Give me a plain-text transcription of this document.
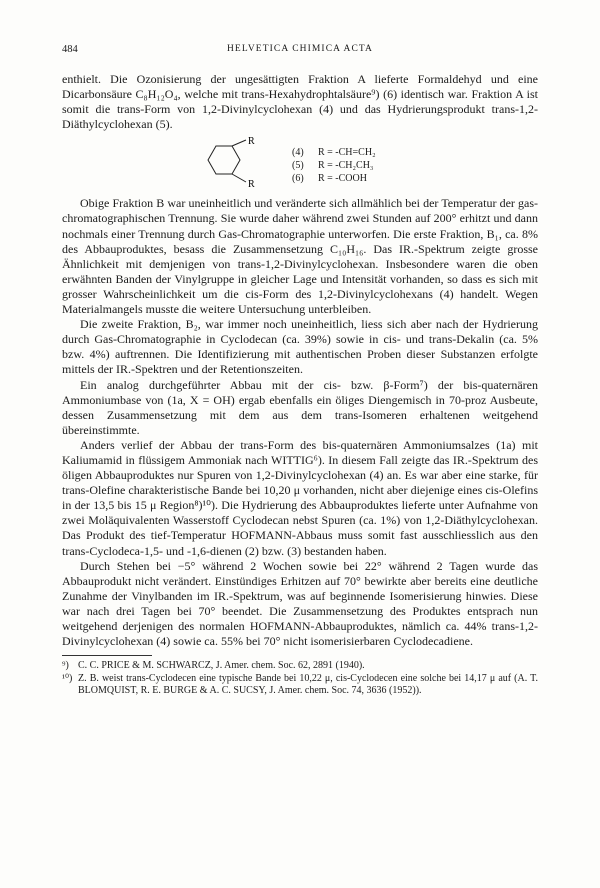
484	HELVETICA CHIMICA ACTA

enthielt. Die Ozonisierung der ungesättigten Fraktion A lieferte Formaldehyd und eine Dicarbonsäure C₈H₁₂O₄, welche mit trans-Hexahydrophtalsäure⁹) (6) identisch war. Fraktion A ist somit die trans-Form von 1,2-Divinylcyclohexan (4) und das Hydrierungsprodukt trans-1,2-Diäthylcyclohexan (5).

R
R
(4)	R = -CH=CH₂
(5)	R = -CH₂CH₃
(6)	R = -COOH

Obige Fraktion B war uneinheitlich und veränderte sich allmählich bei der Temperatur der gas-chromatographischen Trennung. Sie wurde daher während zwei Stunden auf 200° erhitzt und dann nochmals einer Trennung durch Gas-Chromatographie unterworfen. Die erste Fraktion, B₁, ca. 8% des Abbauproduktes, besass die Zusammensetzung C₁₀H₁₆. Das IR.-Spektrum zeigte grosse Ähnlichkeit mit demjenigen von trans-1,2-Divinylcyclohexan. Insbesondere waren die oben erwähnten Banden der Vinylgruppe in gleicher Lage und Intensität vorhanden, so dass es sich mit grosser Wahrscheinlichkeit um die cis-Form des 1,2-Divinylcyclohexans (4) handelt. Wegen Materialmangels musste die weitere Untersuchung unterbleiben.

Die zweite Fraktion, B₂, war immer noch uneinheitlich, liess sich aber nach der Hydrierung durch Gas-Chromatographie in Cyclodecan (ca. 39%) sowie in cis- und trans-Dekalin (ca. 5% bzw. 4%) auftrennen. Die Identifizierung mit authentischen Proben dieser Substanzen erfolgte mittels der IR.-Spektren und der Retentionszeiten.

Ein analog durchgeführter Abbau mit der cis- bzw. β-Form⁷) der bis-quaternären Ammoniumbase von (1a, X = OH) ergab ebenfalls ein öliges Diengemisch in 70-proz Ausbeute, dessen Zusammensetzung mit dem aus dem trans-Isomeren erhaltenen weitgehend übereinstimmte.

Anders verlief der Abbau der trans-Form des bis-quaternären Ammoniumsalzes (1a) mit Kaliumamid in flüssigem Ammoniak nach WITTIG⁶). In diesem Fall zeigte das IR.-Spektrum des öligen Abbauproduktes nur Spuren von 1,2-Divinylcyclohexan (4) an. Es war aber eine starke, für trans-Olefine charakteristische Bande bei 10,20 μ vorhanden, nicht aber diejenige eines cis-Olefins in der 13,5 bis 15 μ Region⁸)¹⁰). Die Hydrierung des Abbauproduktes lieferte unter Aufnahme von zwei Moläquivalenten Wasserstoff Cyclodecan nebst Spuren (ca. 1%) von 1,2-Diäthylcyclohexan. Das Produkt des tief-Temperatur HOFMANN-Abbaus muss somit fast ausschliesslich aus den trans-Cyclodeca-1,5- und -1,6-dienen (2) bzw. (3) bestanden haben.

Durch Stehen bei −5° während 2 Wochen sowie bei 22° während 2 Tagen wurde das Abbauprodukt nicht verändert. Einstündiges Erhitzen auf 70° bewirkte aber bereits eine deutliche Zunahme der Vinylbanden im IR.-Spektrum, was auf beginnende Isomerisierung hinwies. Diese war nach drei Tagen bei 70° beendet. Die Zusammensetzung des Produktes entsprach nun weitgehend derjenigen des normalen HOFMANN-Abbauproduktes, nämlich ca. 44% trans-1,2-Divinylcyclohexan (4) sowie ca. 55% bei 70° nicht isomerisierbaren Cyclodecadiene.

⁹) C. C. PRICE & M. SCHWARCZ, J. Amer. chem. Soc. 62, 2891 (1940).
¹⁰) Z. B. weist trans-Cyclodecen eine typische Bande bei 10,22 μ, cis-Cyclodecen eine solche bei 14,17 μ auf (A. T. BLOMQUIST, R. E. BURGE & A. C. SUCSY, J. Amer. chem. Soc. 74, 3636 (1952)).
